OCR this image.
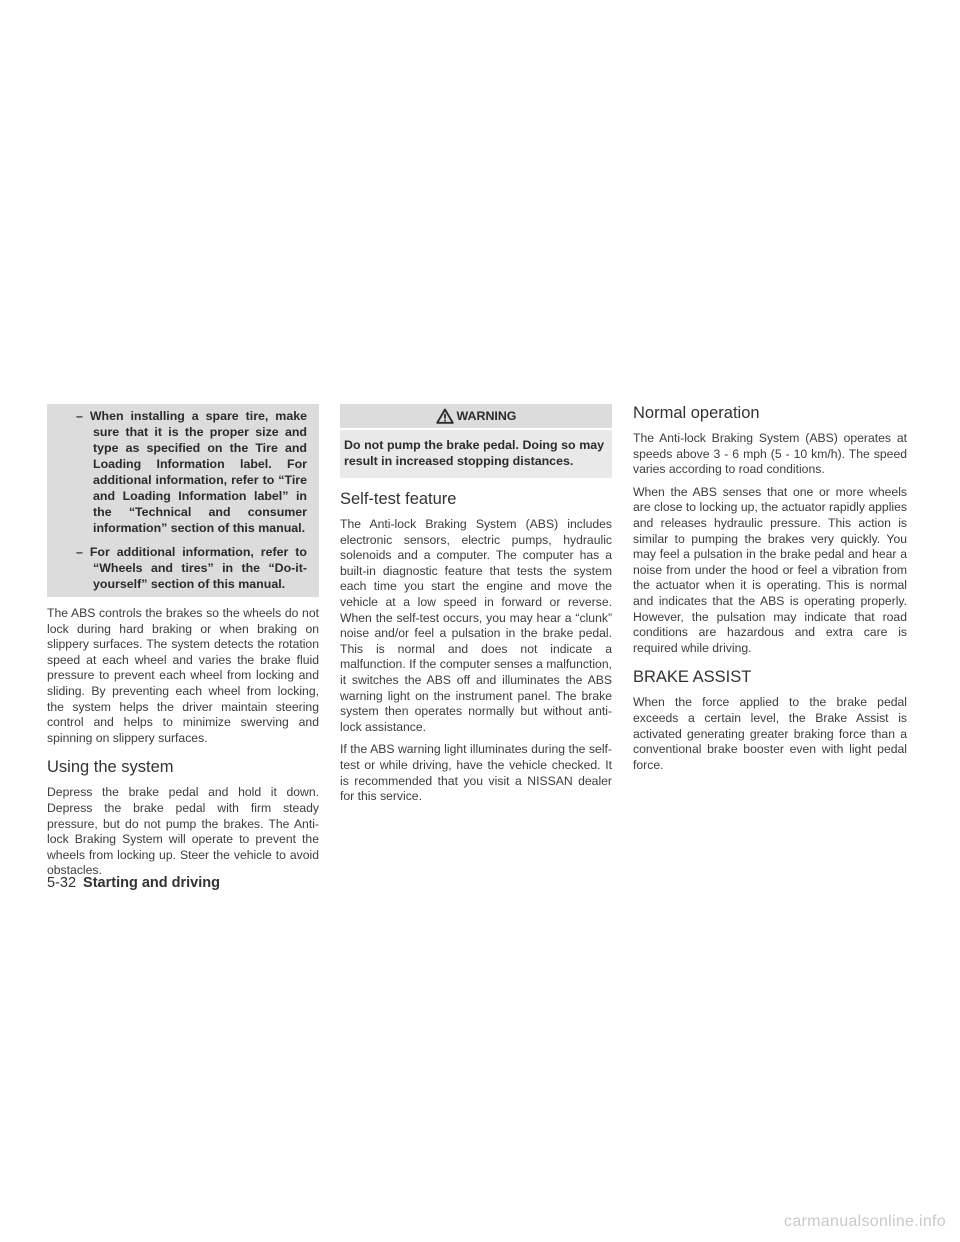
– When installing a spare tire, make sure that it is the proper size and type as specified on the Tire and Loading Information label. For additional information, refer to “Tire and Loading Information label” in the “Technical and consumer information” section of this manual.
– For additional information, refer to “Wheels and tires” in the “Do-it-yourself” section of this manual.

The ABS controls the brakes so the wheels do not lock during hard braking or when braking on slippery surfaces. The system detects the rotation speed at each wheel and varies the brake fluid pressure to prevent each wheel from locking and sliding. By preventing each wheel from locking, the system helps the driver maintain steering control and helps to minimize swerving and spinning on slippery surfaces.

Using the system

Depress the brake pedal and hold it down. Depress the brake pedal with firm steady pressure, but do not pump the brakes. The Anti-lock Braking System will operate to prevent the wheels from locking up. Steer the vehicle to avoid obstacles.

WARNING
Do not pump the brake pedal. Doing so may result in increased stopping distances.
Self-test feature

The Anti-lock Braking System (ABS) includes electronic sensors, electric pumps, hydraulic solenoids and a computer. The computer has a built-in diagnostic feature that tests the system each time you start the engine and move the vehicle at a low speed in forward or reverse. When the self-test occurs, you may hear a “clunk” noise and/or feel a pulsation in the brake pedal. This is normal and does not indicate a malfunction. If the computer senses a malfunction, it switches the ABS off and illuminates the ABS warning light on the instrument panel. The brake system then operates normally but without anti-lock assistance.

If the ABS warning light illuminates during the self-test or while driving, have the vehicle checked. It is recommended that you visit a NISSAN dealer for this service.

Normal operation

The Anti-lock Braking System (ABS) operates at speeds above 3 - 6 mph (5 - 10 km/h). The speed varies according to road conditions.

When the ABS senses that one or more wheels are close to locking up, the actuator rapidly applies and releases hydraulic pressure. This action is similar to pumping the brakes very quickly. You may feel a pulsation in the brake pedal and hear a noise from under the hood or feel a vibration from the actuator when it is operating. This is normal and indicates that the ABS is operating properly. However, the pulsation may indicate that road conditions are hazardous and extra care is required while driving.

BRAKE ASSIST

When the force applied to the brake pedal exceeds a certain level, the Brake Assist is activated generating greater braking force than a conventional brake booster even with light pedal force.

5-32 Starting and driving
carmanualsonline.info
